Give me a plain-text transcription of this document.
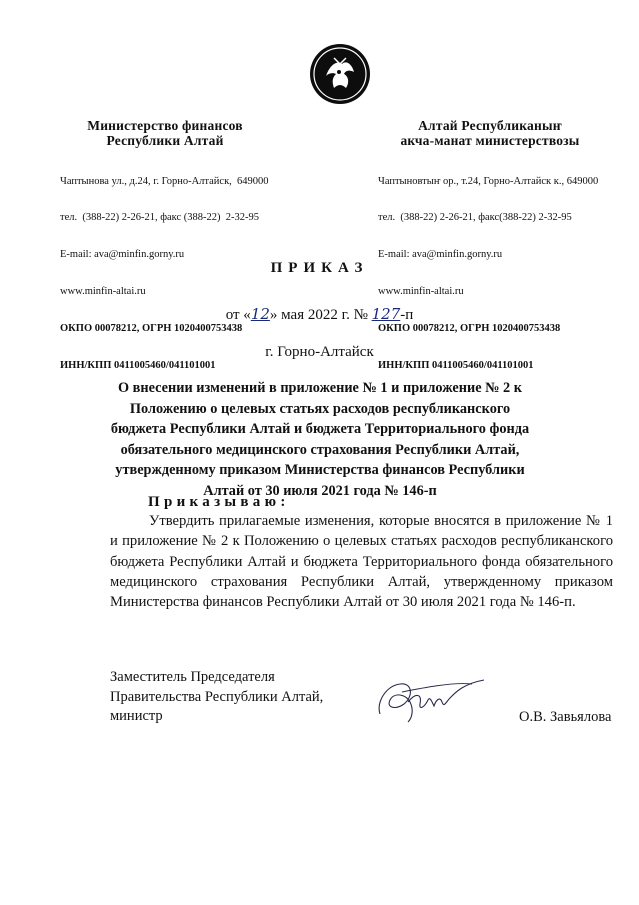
Министерство финансов
Республики Алтай

Чаптынова ул., д.24, г. Горно-Алтайск,  649000

тел.  (388-22) 2-26-21, факс (388-22)  2-32-95

E-mail: ava@minfin.gorny.ru

www.minfin-altai.ru

ОКПО 00078212, ОГРН 1020400753438

ИНН/КПП 0411005460/041101001

Алтай Республиканыҥ
акча-манат министерствозы

Чаптыновтыҥ ор., т.24, Горно-Алтайск к., 649000

тел.  (388-22) 2-26-21, факс(388-22) 2-32-95

E-mail: ava@minfin.gorny.ru

www.minfin-altai.ru

ОКПО 00078212, ОГРН 1020400753438

ИНН/КПП 0411005460/041101001

ПРИКАЗ
от «12» мая 2022 г. № 127-п
г. Горно-Алтайск
О внесении изменений в приложение № 1 и приложение № 2 к Положению о целевых статьях расходов республиканского бюджета Республики Алтай и бюджета Территориального фонда обязательного медицинского страхования Республики Алтай, утвержденному приказом Министерства финансов Республики Алтай от 30 июля 2021 года № 146-п
Приказываю:
Утвердить прилагаемые изменения, которые вносятся в приложение № 1 и приложение № 2 к Положению о целевых статьях расходов республиканского бюджета Республики Алтай и бюджета Территориального фонда обязательного медицинского страхования Республики Алтай, утвержденному приказом Министерства финансов Республики Алтай от 30 июля 2021 года № 146-п.
Заместитель Председателя
Правительства Республики Алтай,
министр	О.В. Завьялова
